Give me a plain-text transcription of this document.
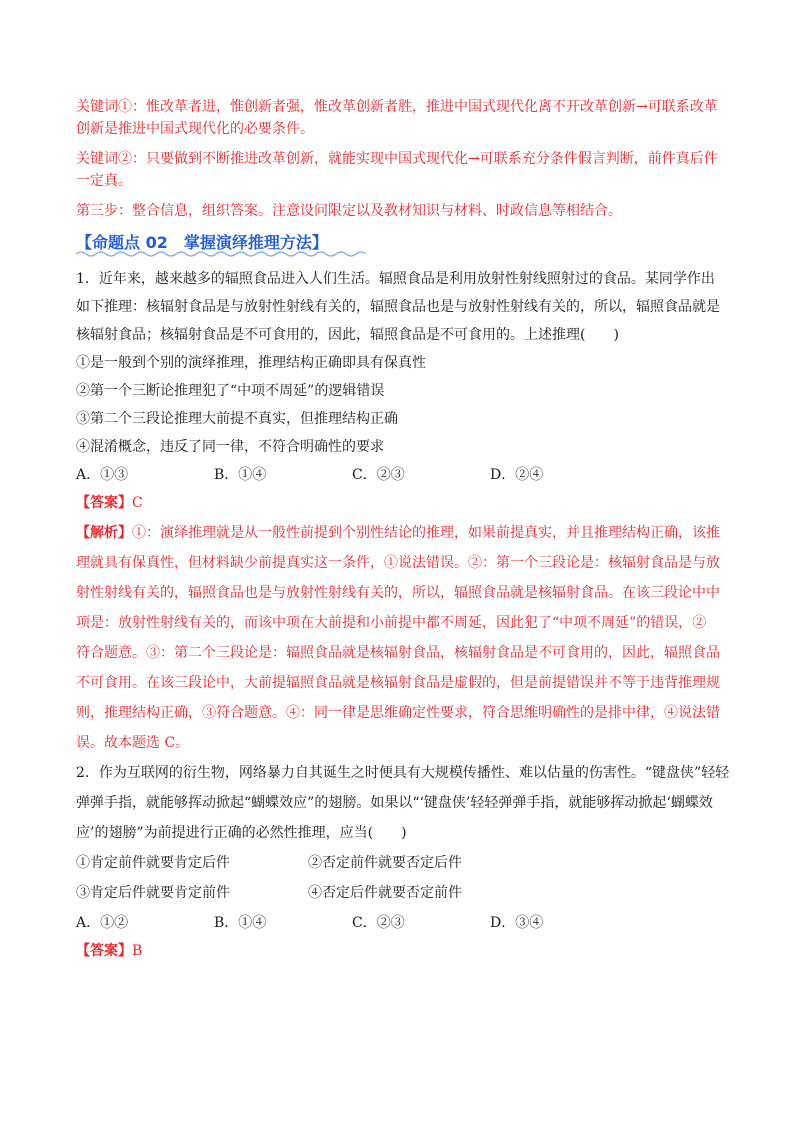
关键词①：惟改革者进，惟创新者强，惟改革创新者胜，推进中国式现代化离不开改革创新→可联系改革

创新是推进中国式现代化的必要条件。

关键词②：只要做到不断推进改革创新，就能实现中国式现代化→可联系充分条件假言判断，前件真后件

一定真。

第三步：整合信息，组织答案。注意设问限定以及教材知识与材料、时政信息等相结合。

【命题点 02　掌握演绎推理方法】

1．近年来，越来越多的辐照食品进入人们生活。辐照食品是利用放射性射线照射过的食品。某同学作出

如下推理：核辐射食品是与放射性射线有关的，辐照食品也是与放射性射线有关的，所以，辐照食品就是

核辐射食品；核辐射食品是不可食用的，因此，辐照食品是不可食用的。上述推理(　　)

①是一般到个别的演绎推理，推理结构正确即具有保真性

②第一个三断论推理犯了“中项不周延”的逻辑错误

③第二个三段论推理大前提不真实，但推理结构正确

④混淆概念，违反了同一律，不符合明确性的要求

A．①③	B．①④	C．②③	D．②④

【答案】C

【解析】①：演绎推理就是从一般性前提到个别性结论的推理，如果前提真实，并且推理结构正确，该推

理就具有保真性，但材料缺少前提真实这一条件，①说法错误。②：第一个三段论是：核辐射食品是与放

射性射线有关的，辐照食品也是与放射性射线有关的，所以，辐照食品就是核辐射食品。在该三段论中中

项是：放射性射线有关的，而该中项在大前提和小前提中都不周延，因此犯了“中项不周延”的错误，②

符合题意。③：第二个三段论是：辐照食品就是核辐射食品，核辐射食品是不可食用的，因此，辐照食品

不可食用。在该三段论中，大前提辐照食品就是核辐射食品是虚假的，但是前提错误并不等于违背推理规

则，推理结构正确，③符合题意。④：同一律是思维确定性要求，符合思维明确性的是排中律，④说法错

误。故本题选 C。

2．作为互联网的衍生物，网络暴力自其诞生之时便具有大规模传播性、难以估量的伤害性。“键盘侠”轻轻

弹弹手指，就能够挥动掀起“蝴蝶效应”的翅膀。如果以“‘键盘侠’轻轻弹弹手指，就能够挥动掀起‘蝴蝶效

应’的翅膀”为前提进行正确的必然性推理，应当(　　)

①肯定前件就要肯定后件	②否定前件就要否定后件
③肯定后件就要肯定前件	④否定后件就要否定前件
A．①②	B．①④	C．②③	D．③④

【答案】B
